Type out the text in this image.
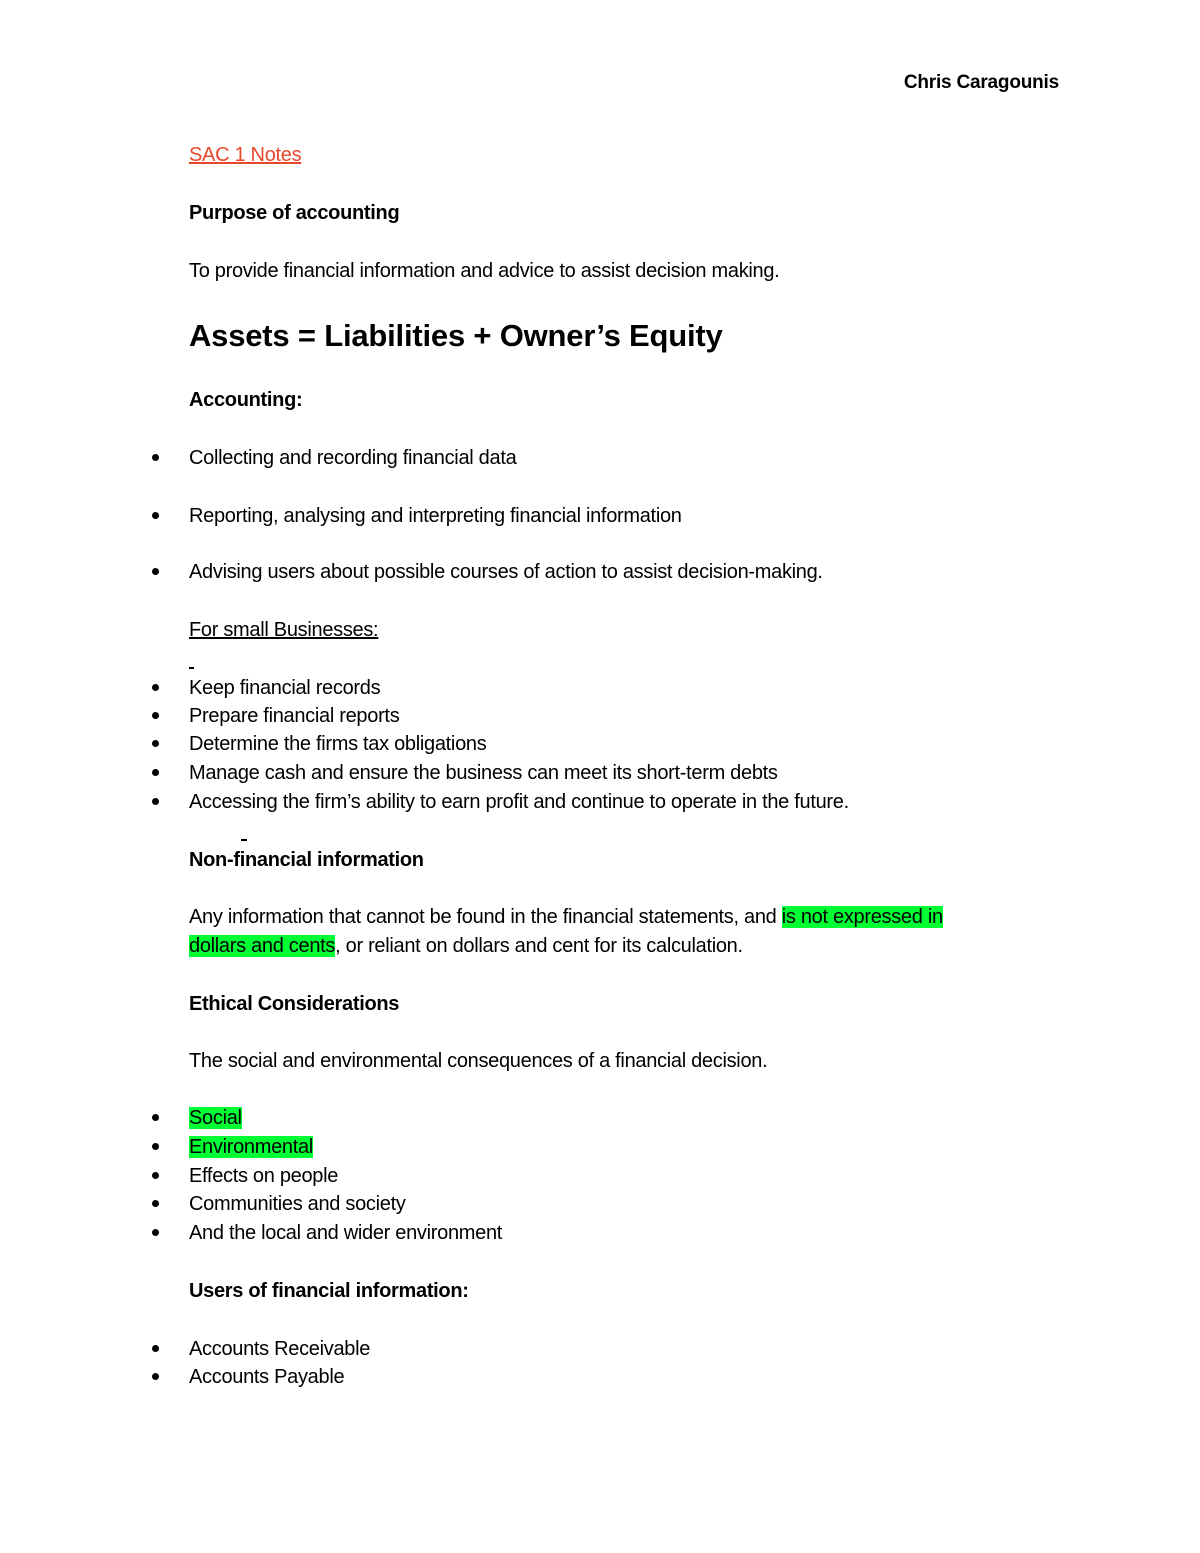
Chris Caragounis
SAC 1 Notes
Purpose of accounting
To provide financial information and advice to assist decision making.
Assets = Liabilities + Owner’s Equity
Accounting:
Collecting and recording financial data
Reporting, analysing and interpreting financial information
Advising users about possible courses of action to assist decision-making.
For small Businesses:
Keep financial records
Prepare financial reports
Determine the firms tax obligations
Manage cash and ensure the business can meet its short-term debts
Accessing the firm’s ability to earn profit and continue to operate in the future.
Non-financial information
Any information that cannot be found in the financial statements, and is not expressed in
dollars and cents, or reliant on dollars and cent for its calculation.
Ethical Considerations
The social and environmental consequences of a financial decision.
Social
Environmental
Effects on people
Communities and society
And the local and wider environment
Users of financial information:
Accounts Receivable
Accounts Payable
